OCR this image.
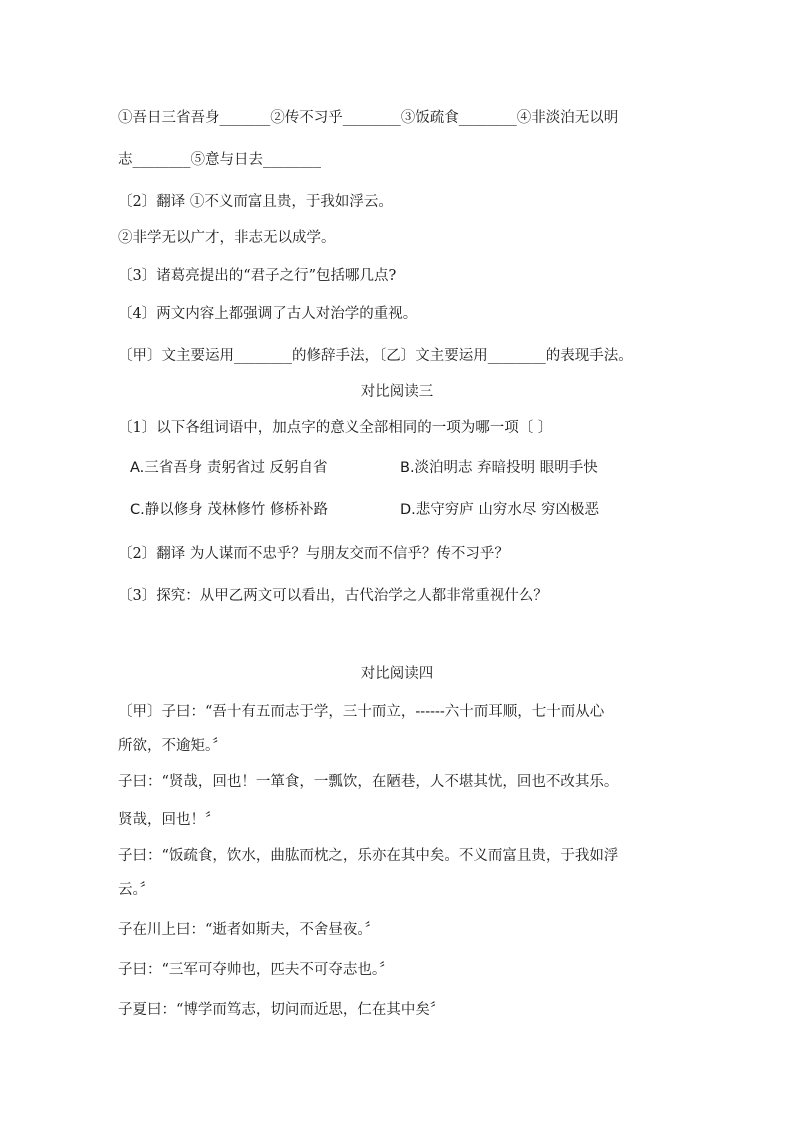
①吾日三省吾身_______②传不习乎________③饭疏食________④非淡泊无以明
志________⑤意与日去________
〔2〕翻译 ①不义而富且贵，于我如浮云。
②非学无以广才，非志无以成学。
〔3〕诸葛亮提出的“君子之行”包括哪几点?
〔4〕两文内容上都强调了古人对治学的重视。
〔甲〕文主要运用________的修辞手法，〔乙〕文主要运用________的表现手法。
对比阅读三
〔1〕以下各组词语中，加点字的意义全部相同的一项为哪一项〔 〕
A.三省吾身 责躬省过 反躬自省	B.淡泊明志 弃暗投明 眼明手快
C.静以修身 茂林修竹 修桥补路	D.悲守穷庐 山穷水尽 穷凶极恶
〔2〕翻译 为人谋而不忠乎？与朋友交而不信乎？传不习乎？
〔3〕探究：从甲乙两文可以看出，古代治学之人都非常重视什么？
对比阅读四
〔甲〕子曰：“吾十有五而志于学，三十而立，------六十而耳顺，七十而从心
所欲，不逾矩。〞
子曰：“贤哉，回也！一箪食，一瓢饮，在陋巷，人不堪其忧，回也不改其乐。
贤哉，回也！〞
子曰：“饭疏食，饮水，曲肱而枕之，乐亦在其中矣。不义而富且贵，于我如浮
云。〞
子在川上曰：“逝者如斯夫，不舍昼夜。〞
子曰：“三军可夺帅也，匹夫不可夺志也。〞
子夏曰：“博学而笃志，切问而近思，仁在其中矣〞
